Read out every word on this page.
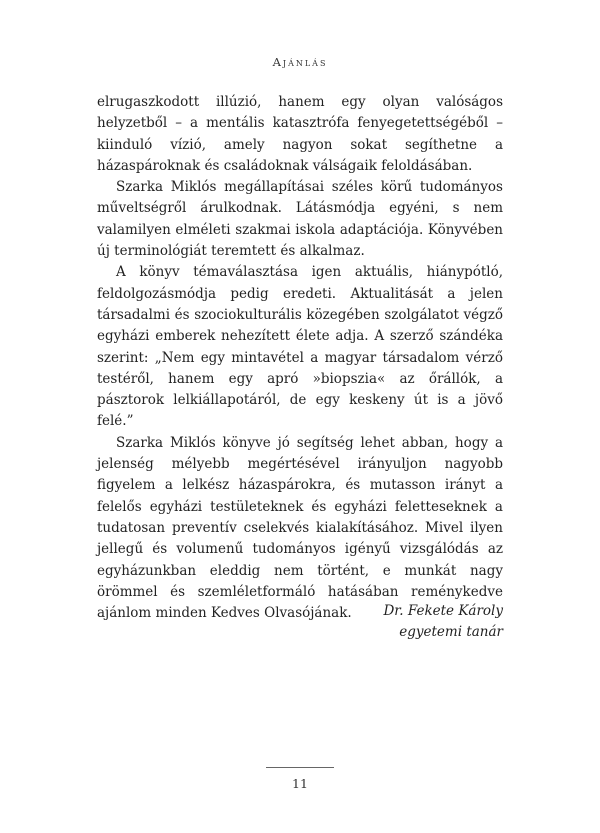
Ajánlás

elrugaszkodott illúzió, hanem egy olyan valóságos helyzetből – a mentális katasztrófa fenyegetettségéből – kiinduló vízió, amely nagyon sokat segíthetne a házaspároknak és családoknak válságaik feloldásában.

Szarka Miklós megállapításai széles körű tudományos műveltségről árulkodnak. Látásmódja egyéni, s nem valamilyen elméleti szakmai iskola adaptációja. Könyvében új terminológiát teremtett és alkalmaz.

A könyv témaválasztása igen aktuális, hiánypótló, feldolgozásmódja pedig eredeti. Aktualitását a jelen társadalmi és szociokulturális közegében szolgálatot végző egyházi emberek nehezített élete adja. A szerző szándéka szerint: „Nem egy mintavétel a magyar társadalom vérző testéről, hanem egy apró »biopszia« az őrállók, a pásztorok lelkiállapotáról, de egy keskeny út is a jövő felé.”

Szarka Miklós könyve jó segítség lehet abban, hogy a jelenség mélyebb megértésével irányuljon nagyobb figyelem a lelkész házaspárokra, és mutasson irányt a felelős egyházi testületeknek és egyházi feletteseknek a tudatosan preventív cselekvés kialakításához. Mivel ilyen jellegű és volumenű tudományos igényű vizsgálódás az egyházunkban eleddig nem történt, e munkát nagy örömmel és szemléletformáló hatásában reménykedve ajánlom minden Kedves Olvasójának.	Dr. Fekete Károly
egyetemi tanár
11
